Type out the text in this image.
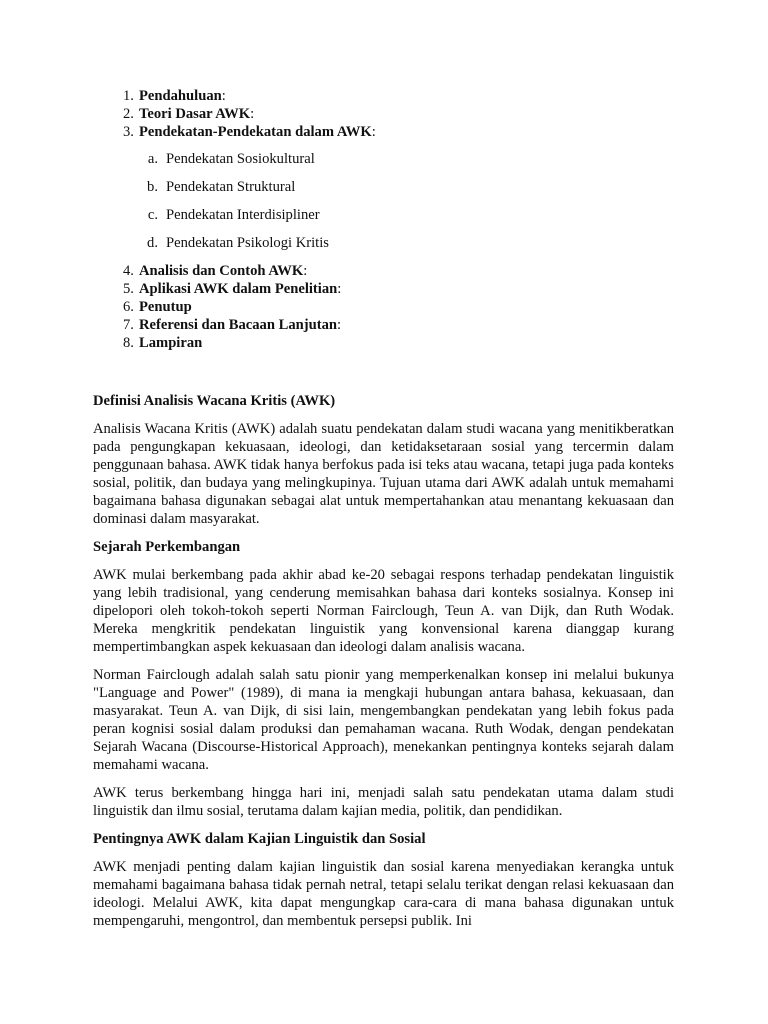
1. Pendahuluan:
2. Teori Dasar AWK:
3. Pendekatan-Pendekatan dalam AWK:
a. Pendekatan Sosiokultural
b. Pendekatan Struktural
c. Pendekatan Interdisipliner
d. Pendekatan Psikologi Kritis
4. Analisis dan Contoh AWK:
5. Aplikasi AWK dalam Penelitian:
6. Penutup
7. Referensi dan Bacaan Lanjutan:
8. Lampiran
Definisi Analisis Wacana Kritis (AWK)

Analisis Wacana Kritis (AWK) adalah suatu pendekatan dalam studi wacana yang menitikberatkan pada pengungkapan kekuasaan, ideologi, dan ketidaksetaraan sosial yang tercermin dalam penggunaan bahasa. AWK tidak hanya berfokus pada isi teks atau wacana, tetapi juga pada konteks sosial, politik, dan budaya yang melingkupinya. Tujuan utama dari AWK adalah untuk memahami bagaimana bahasa digunakan sebagai alat untuk mempertahankan atau menantang kekuasaan dan dominasi dalam masyarakat.

Sejarah Perkembangan

AWK mulai berkembang pada akhir abad ke-20 sebagai respons terhadap pendekatan linguistik yang lebih tradisional, yang cenderung memisahkan bahasa dari konteks sosialnya. Konsep ini dipelopori oleh tokoh-tokoh seperti Norman Fairclough, Teun A. van Dijk, dan Ruth Wodak. Mereka mengkritik pendekatan linguistik yang konvensional karena dianggap kurang mempertimbangkan aspek kekuasaan dan ideologi dalam analisis wacana.

Norman Fairclough adalah salah satu pionir yang memperkenalkan konsep ini melalui bukunya "Language and Power" (1989), di mana ia mengkaji hubungan antara bahasa, kekuasaan, dan masyarakat. Teun A. van Dijk, di sisi lain, mengembangkan pendekatan yang lebih fokus pada peran kognisi sosial dalam produksi dan pemahaman wacana. Ruth Wodak, dengan pendekatan Sejarah Wacana (Discourse-Historical Approach), menekankan pentingnya konteks sejarah dalam memahami wacana.

AWK terus berkembang hingga hari ini, menjadi salah satu pendekatan utama dalam studi linguistik dan ilmu sosial, terutama dalam kajian media, politik, dan pendidikan.

Pentingnya AWK dalam Kajian Linguistik dan Sosial

AWK menjadi penting dalam kajian linguistik dan sosial karena menyediakan kerangka untuk memahami bagaimana bahasa tidak pernah netral, tetapi selalu terikat dengan relasi kekuasaan dan ideologi. Melalui AWK, kita dapat mengungkap cara-cara di mana bahasa digunakan untuk mempengaruhi, mengontrol, dan membentuk persepsi publik. Ini
